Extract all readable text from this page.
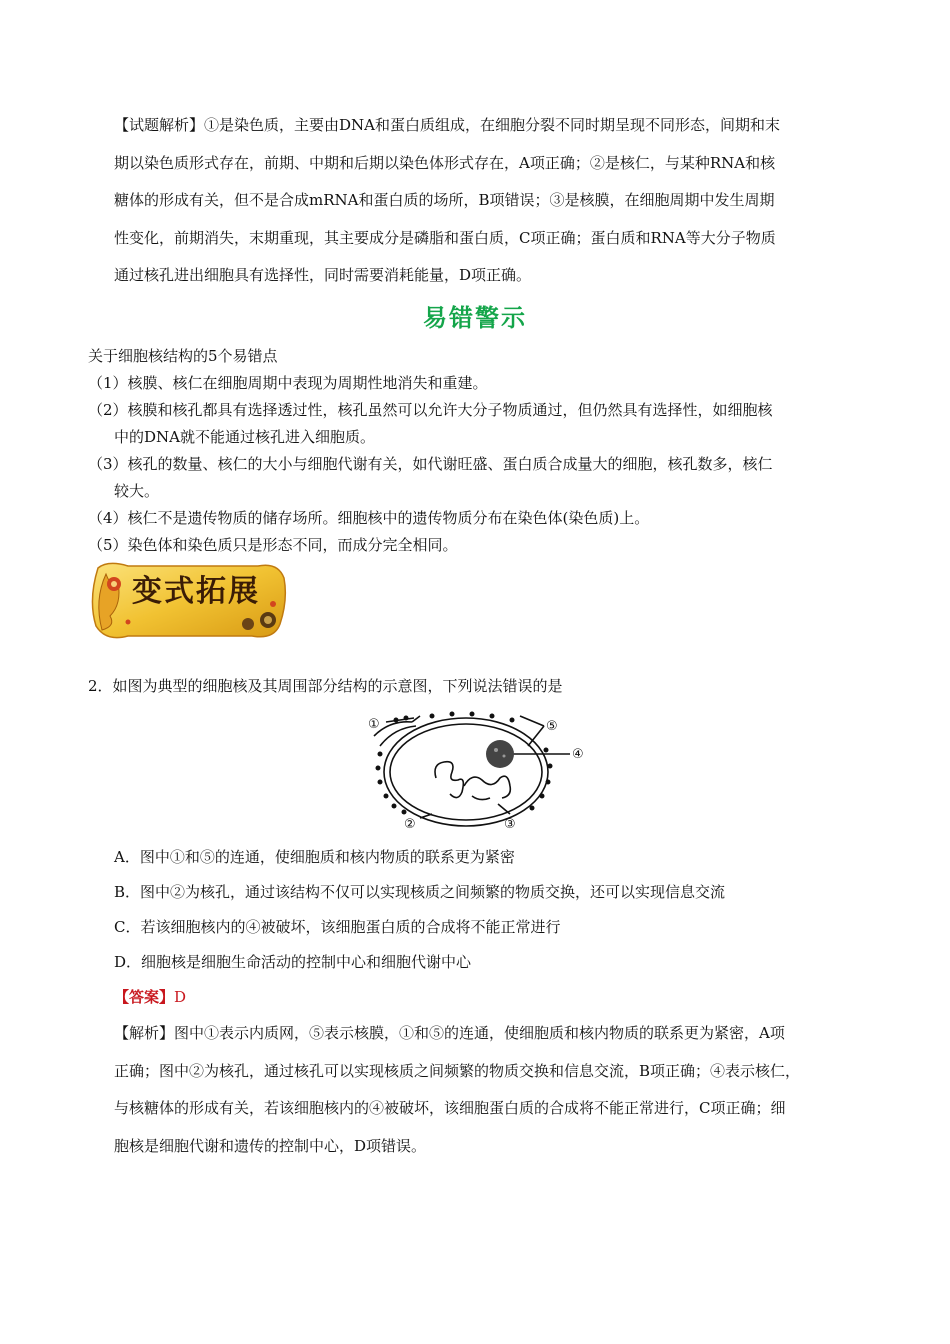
【试题解析】①是染色质，主要由DNA和蛋白质组成，在细胞分裂不同时期呈现不同形态，间期和末
期以染色质形式存在，前期、中期和后期以染色体形式存在，A项正确；②是核仁，与某种RNA和核
糖体的形成有关，但不是合成mRNA和蛋白质的场所，B项错误；③是核膜，在细胞周期中发生周期
性变化，前期消失，末期重现，其主要成分是磷脂和蛋白质，C项正确；蛋白质和RNA等大分子物质
通过核孔进出细胞具有选择性，同时需要消耗能量，D项正确。
易错警示
关于细胞核结构的5个易错点
（1）核膜、核仁在细胞周期中表现为周期性地消失和重建。
（2）核膜和核孔都具有选择透过性，核孔虽然可以允许大分子物质通过，但仍然具有选择性，如细胞核
中的DNA就不能通过核孔进入细胞质。
（3）核孔的数量、核仁的大小与细胞代谢有关，如代谢旺盛、蛋白质合成量大的细胞，核孔数多，核仁
较大。
（4）核仁不是遗传物质的储存场所。细胞核中的遗传物质分布在染色体(染色质)上。
（5）染色体和染色质只是形态不同，而成分完全相同。
变式拓展
2．如图为典型的细胞核及其周围部分结构的示意图，下列说法错误的是
①
②	③
④
⑤
A．图中①和⑤的连通，使细胞质和核内物质的联系更为紧密
B．图中②为核孔，通过该结构不仅可以实现核质之间频繁的物质交换，还可以实现信息交流
C．若该细胞核内的④被破坏，该细胞蛋白质的合成将不能正常进行
D．细胞核是细胞生命活动的控制中心和细胞代谢中心
【答案】D
【解析】图中①表示内质网，⑤表示核膜，①和⑤的连通，使细胞质和核内物质的联系更为紧密，A项
正确；图中②为核孔，通过核孔可以实现核质之间频繁的物质交换和信息交流，B项正确；④表示核仁，
与核糖体的形成有关，若该细胞核内的④被破坏，该细胞蛋白质的合成将不能正常进行，C项正确；细
胞核是细胞代谢和遗传的控制中心，D项错误。
